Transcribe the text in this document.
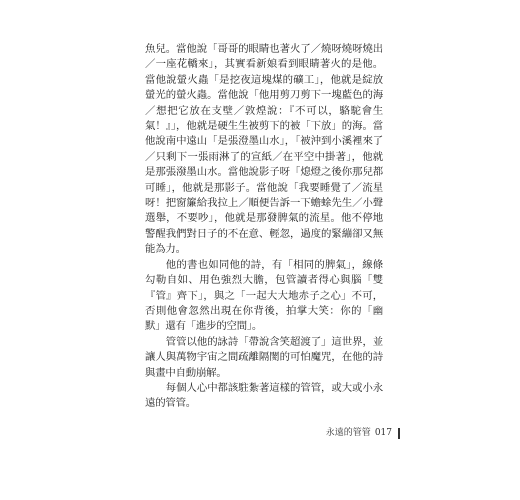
魚兒。當他說「哥哥的眼睛也著火了／燒呀燒呀燒出／一座花轎來」，其實看新娘看到眼睛著火的是他。當他說螢火蟲「是挖夜這塊煤的礦工」，他就是綻放螢光的螢火蟲。當他說「他用剪刀剪下一塊藍色的海／想把它放在支壁／敦煌說：『不可以，駱駝會生氣！』」，他就是硬生生被剪下的被「下放」的海。當他說南中遠山「是張澄墨山水」，「被沖到小溪裡來了／只剩下一張雨淋了的宣紙／在平空中掛著」，他就是那張潑墨山水。當他說影子呀「熄燈之後你那兒都可睡」，他就是那影子。當他說「我要睡覺了／流星呀！把窗簾給我拉上／順便告訴一下蟾蜍先生／小聲選舉，不要吵」，他就是那發脾氣的流星。他不停地警醒我們對日子的不在意、輕忽，過度的緊繃卻又無能為力。

他的書也如同他的詩，有「相同的脾氣」，線條勾勒自如、用色強烈大膽，包管讀者得心與腦「雙『管』齊下」，與之「一起大大地赤子之心」不可，否則他會忽然出現在你背後，拍掌大笑：你的「幽默」還有「進步的空間」。

管管以他的詠詩「帶說含笑超渡了」這世界，並讓人與萬物宇宙之間疏離隔閡的可怕魔咒，在他的詩與畫中自動崩解。

每個人心中都該駐紮著這樣的管管，或大或小永遠的管管。

永遠的管管 017
